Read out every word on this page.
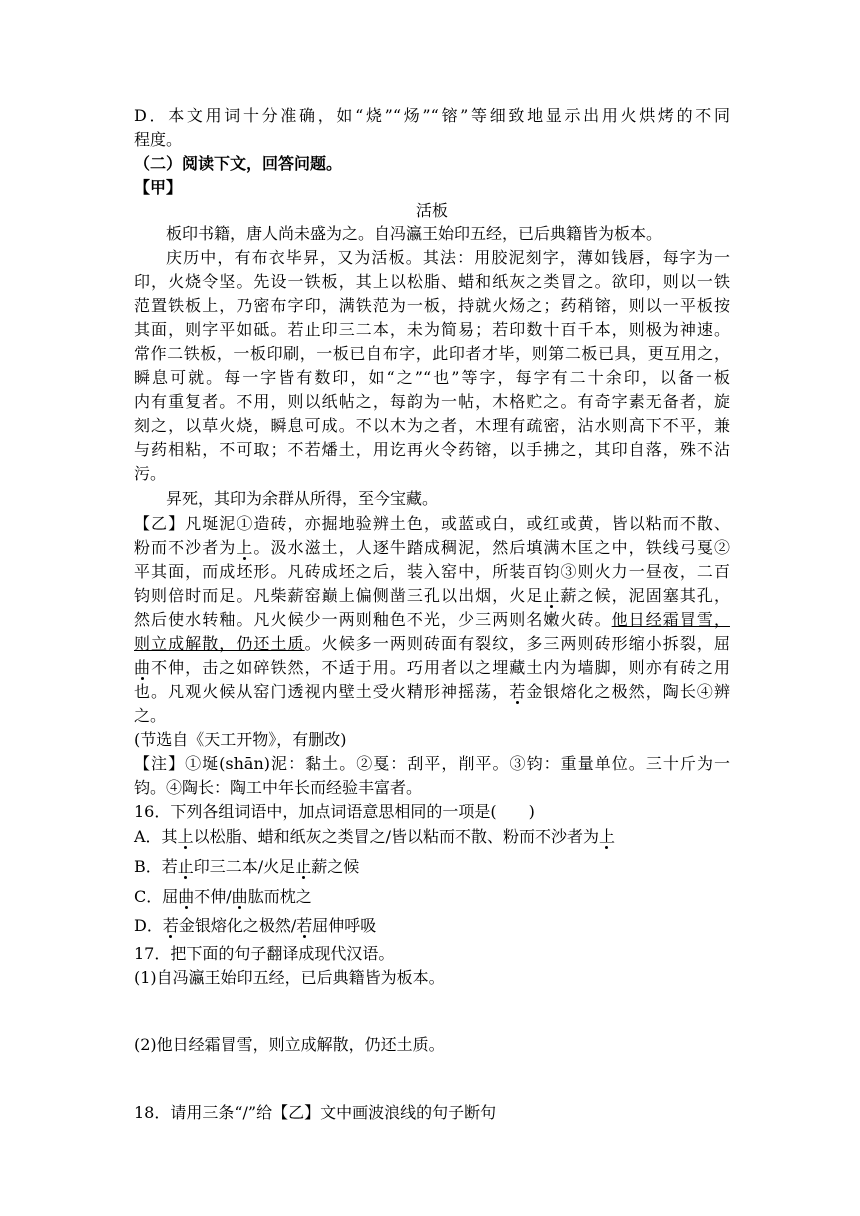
D．本文用词十分准确，如“烧”“炀”“镕”等细致地显示出用火烘烤的不同

程度。

（二）阅读下文，回答问题。

【甲】

活板

板印书籍，唐人尚未盛为之。自冯瀛王始印五经，已后典籍皆为板本。

庆历中，有布衣毕昇，又为活板。其法：用胶泥刻字，薄如钱唇，每字为一

印，火烧令坚。先设一铁板，其上以松脂、蜡和纸灰之类冒之。欲印，则以一铁

范置铁板上，乃密布字印，满铁范为一板，持就火炀之；药稍镕，则以一平板按

其面，则字平如砥。若止印三二本，未为简易；若印数十百千本，则极为神速。

常作二铁板，一板印刷，一板已自布字，此印者才毕，则第二板已具，更互用之，

瞬息可就。每一字皆有数印，如“之”“也”等字，每字有二十余印，以备一板

内有重复者。不用，则以纸帖之，每韵为一帖，木格贮之。有奇字素无备者，旋

刻之，以草火烧，瞬息可成。不以木为之者，木理有疏密，沾水则高下不平，兼

与药相粘，不可取；不若燔土，用讫再火令药镕，以手拂之，其印自落，殊不沾

污。

昇死，其印为余群从所得，至今宝藏。

【乙】凡埏泥①造砖，亦掘地验辨土色，或蓝或白，或红或黄，皆以粘而不散、

粉而不沙者为上。汲水滋土，人逐牛踏成稠泥，然后填满木匡之中，铁线弓戛②

平其面，而成坯形。凡砖成坯之后，装入窑中，所装百钧③则火力一昼夜，二百

钧则倍时而足。凡柴薪窑巅上偏侧凿三孔以出烟，火足止薪之候，泥固塞其孔，

然后使水转釉。凡火候少一两则釉色不光，少三两则名嫩火砖。他日经霜冒雪，

则立成解散，仍还土质。火候多一两则砖面有裂纹，多三两则砖形缩小拆裂，屈

曲不伸，击之如碎铁然，不适于用。巧用者以之埋藏土内为墙脚，则亦有砖之用

也。凡观火候从窑门透视内壁土受火精形神摇荡，若金银熔化之极然，陶长④辨

之。

(节选自《天工开物》，有删改)

【注】①埏(shān)泥：黏土。②戛：刮平，削平。③钧：重量单位。三十斤为一

钧。④陶长：陶工中年长而经验丰富者。

16．下列各组词语中，加点词语意思相同的一项是(　　)

A．其上以松脂、蜡和纸灰之类冒之/皆以粘而不散、粉而不沙者为上

B．若止印三二本/火足止薪之候

C．屈曲不伸/曲肱而枕之

D．若金银熔化之极然/若屈伸呼吸

17．把下面的句子翻译成现代汉语。

(1)自冯瀛王始印五经，已后典籍皆为板本。

(2)他日经霜冒雪，则立成解散，仍还土质。

18．请用三条“/”给【乙】文中画波浪线的句子断句
